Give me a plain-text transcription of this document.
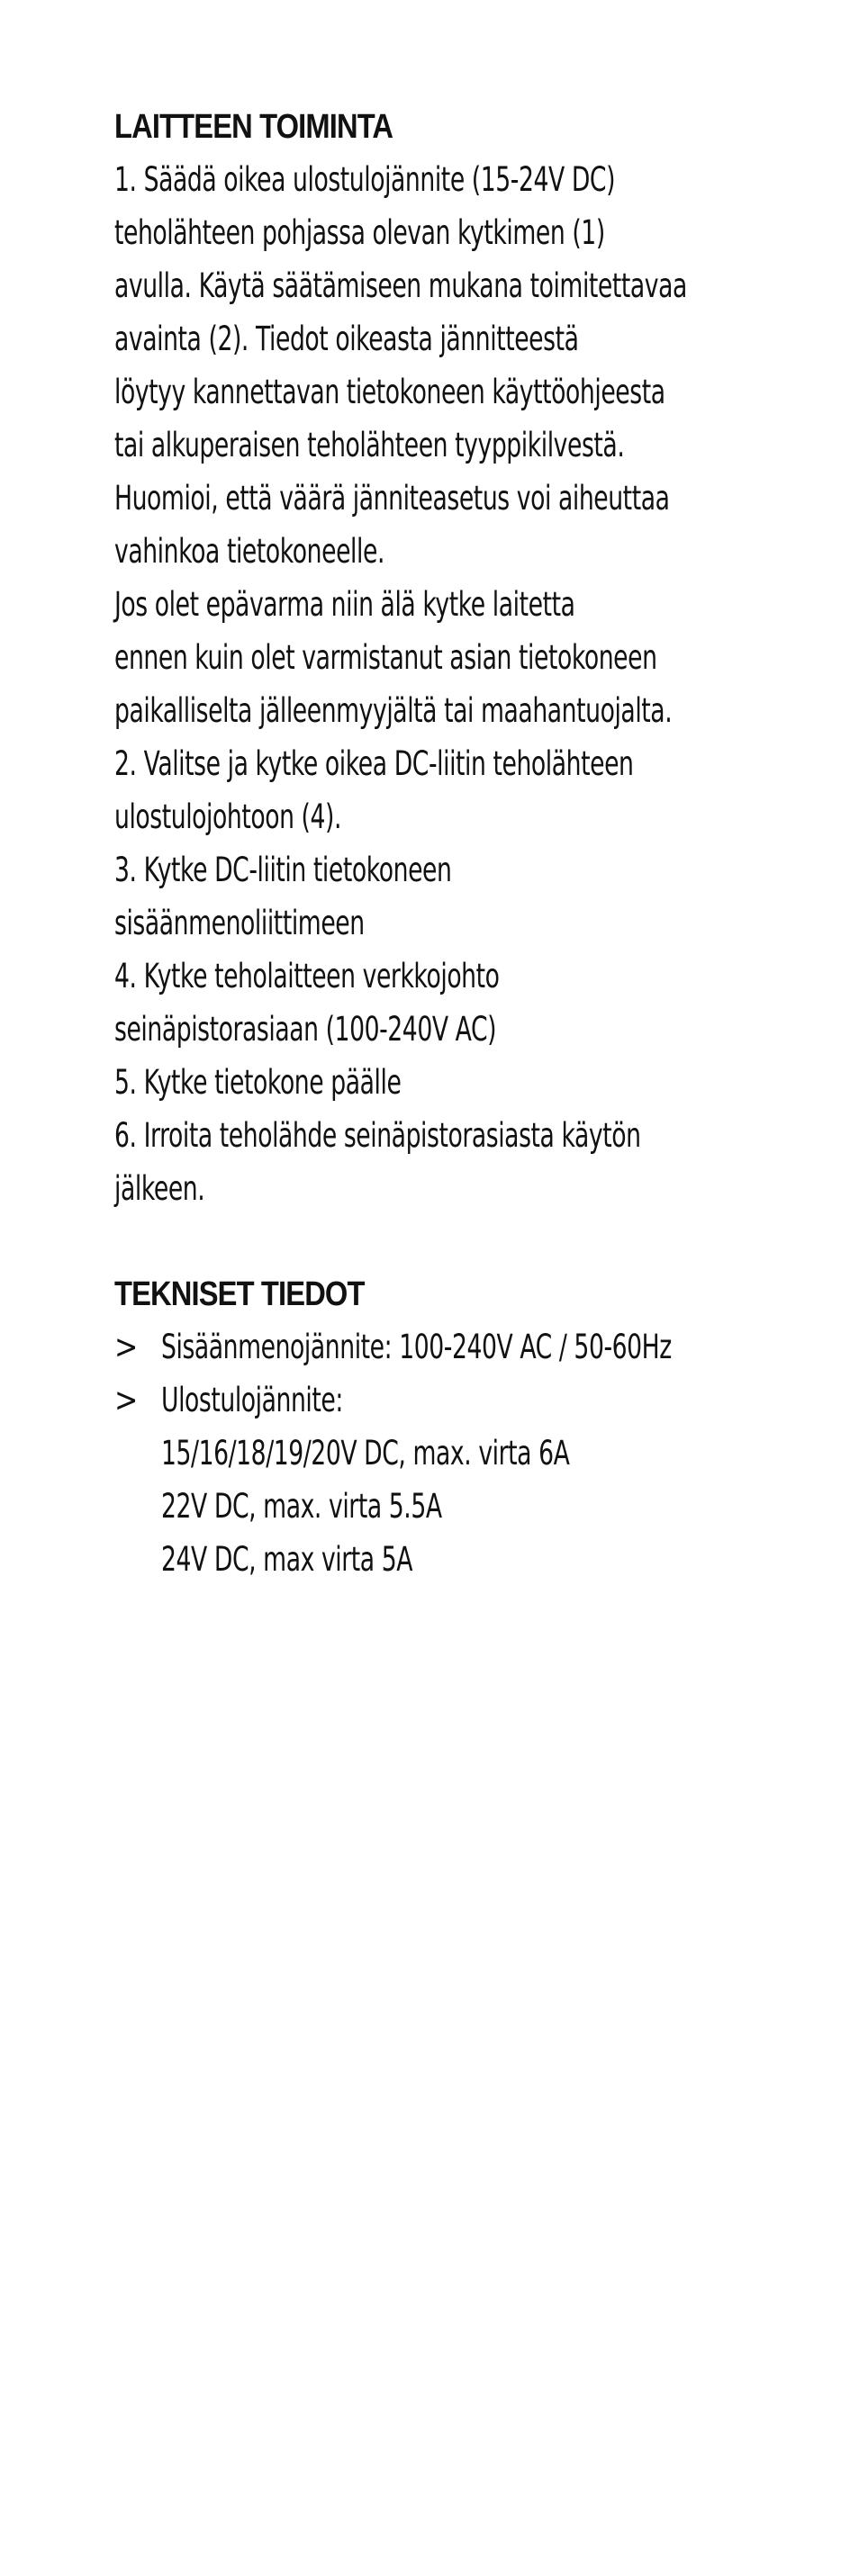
LAITTEEN TOIMINTA
1. Säädä oikea ulostulojännite (15-24V DC)
teholähteen pohjassa olevan kytkimen (1)
avulla. Käytä säätämiseen mukana toimitettavaa
avainta (2). Tiedot oikeasta jännitteestä
löytyy kannettavan tietokoneen käyttöohjeesta
tai alkuperaisen teholähteen tyyppikilvestä.
Huomioi, että väärä jänniteasetus voi aiheuttaa
vahinkoa tietokoneelle.
Jos olet epävarma niin älä kytke laitetta
ennen kuin olet varmistanut asian tietokoneen
paikalliselta jälleenmyyjältä tai maahantuojalta.
2. Valitse ja kytke oikea DC-liitin teholähteen
ulostulojohtoon (4).
3. Kytke DC-liitin tietokoneen
sisäänmenoliittimeen
4. Kytke teholaitteen verkkojohto
seinäpistorasiaan (100-240V AC)
5. Kytke tietokone päälle
6. Irroita teholähde seinäpistorasiasta käytön
jälkeen.
TEKNISET TIEDOT
> Sisäänmenojännite: 100-240V AC / 50-60Hz
> Ulostulojännite:
15/16/18/19/20V DC, max. virta 6A
22V DC, max. virta 5.5A
24V DC, max virta 5A
